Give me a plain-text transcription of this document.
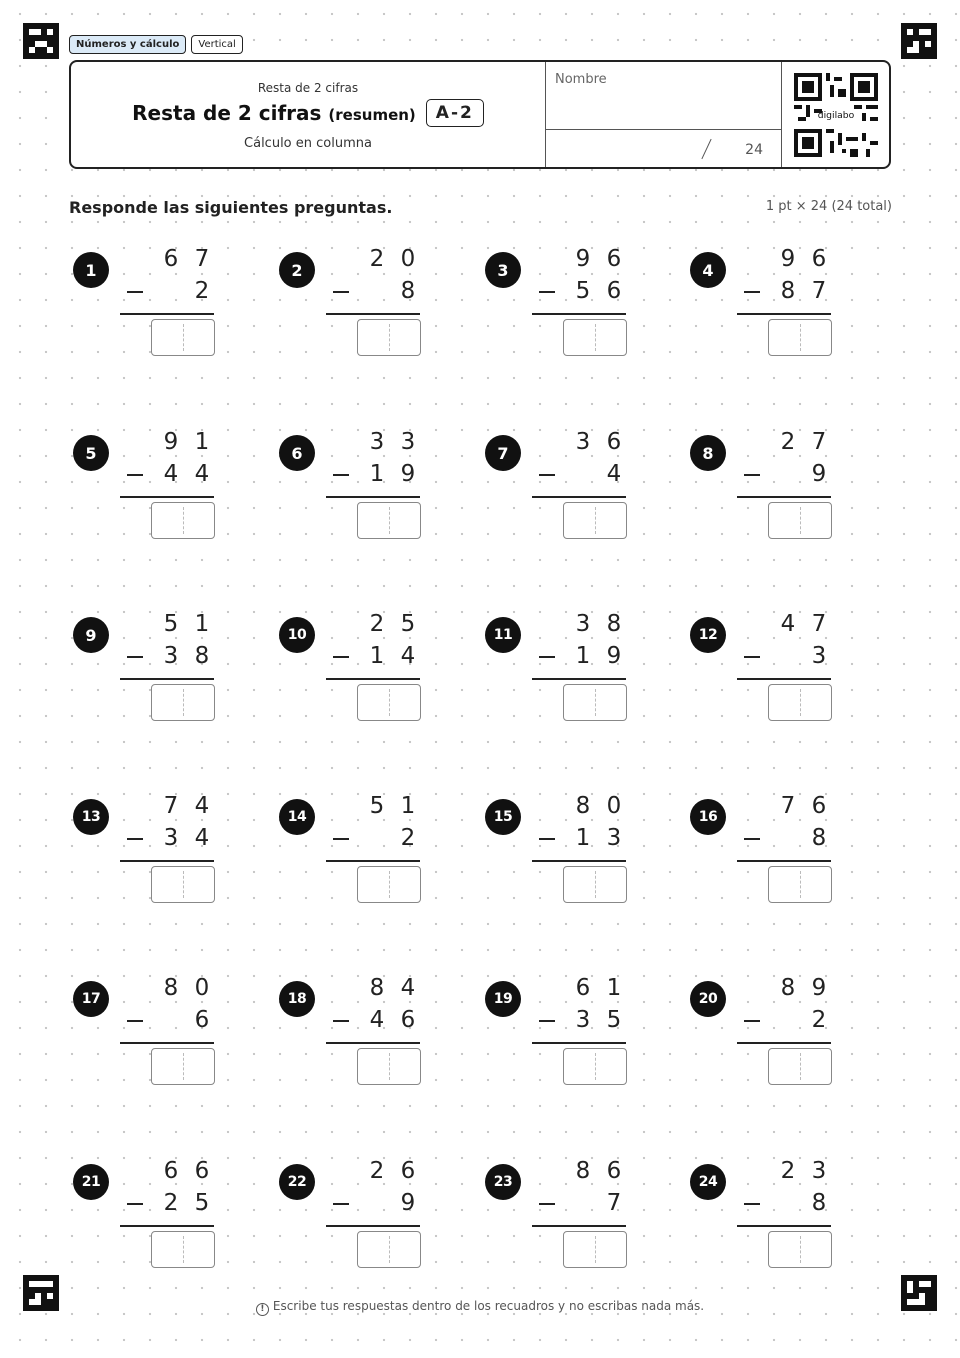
Números y cálculo	Vertical
Resta de 2 cifras
Resta de 2 cifras (resumen)	A-2
Cálculo en columna
Nombre
24
digilabo
Responde las siguientes preguntas.	1 pt × 24 (24 total)
1	6 7
2
2	2 0
8
3	9 6
5 6
4	9 6
8 7
5	9 1
4 4
6	3 3
1 9
7	3 6
4
8	2 7
9
9	5 1
3 8
10	2 5
1 4
11	3 8
1 9
12	4 7
3
13	7 4
3 4
14	5 1
2
15	8 0
1 3
16	7 6
8
17	8 0
6
18	8 4
4 6
19	6 1
3 5
20	8 9
2
21	6 6
2 5
22	2 6
9
23	8 6
7
24	2 3
8
! Escribe tus respuestas dentro de los recuadros y no escribas nada más.
